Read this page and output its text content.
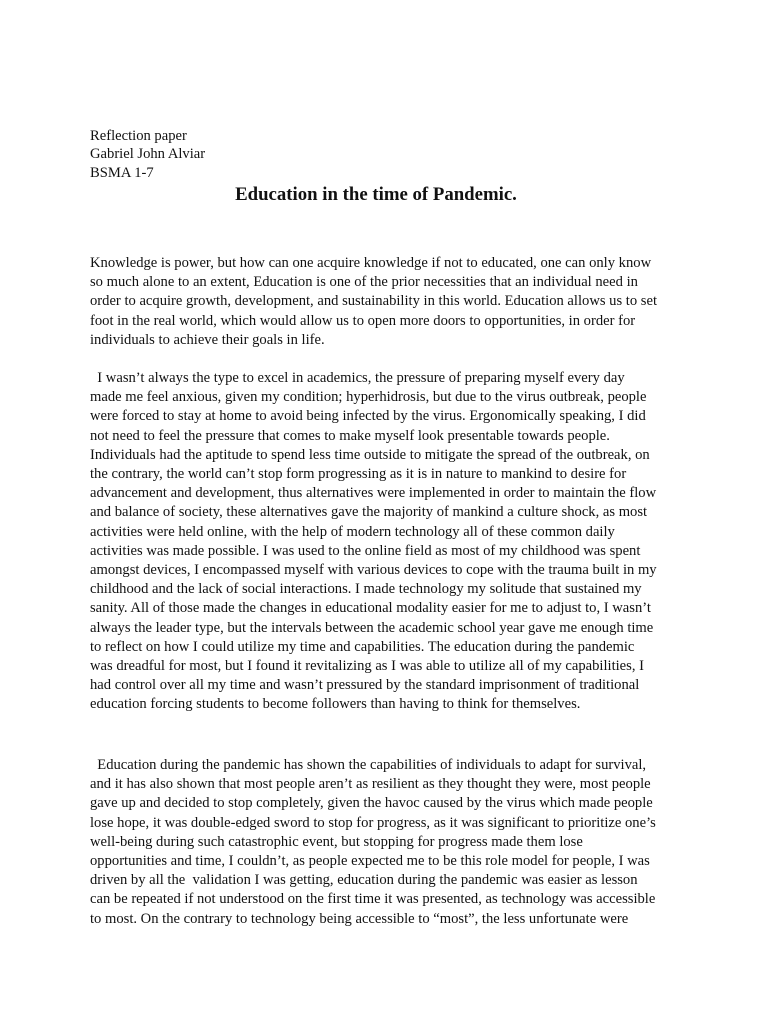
Reflection paper
Gabriel John Alviar
BSMA 1-7
Education in the time of Pandemic.

Knowledge is power, but how can one acquire knowledge if not to educated, one can only know
so much alone to an extent, Education is one of the prior necessities that an individual need in
order to acquire growth, development, and sustainability in this world. Education allows us to set
foot in the real world, which would allow us to open more doors to opportunities, in order for
individuals to achieve their goals in life.

I wasn’t always the type to excel in academics, the pressure of preparing myself every day
made me feel anxious, given my condition; hyperhidrosis, but due to the virus outbreak, people
were forced to stay at home to avoid being infected by the virus. Ergonomically speaking, I did
not need to feel the pressure that comes to make myself look presentable towards people.
Individuals had the aptitude to spend less time outside to mitigate the spread of the outbreak, on
the contrary, the world can’t stop form progressing as it is in nature to mankind to desire for
advancement and development, thus alternatives were implemented in order to maintain the flow
and balance of society, these alternatives gave the majority of mankind a culture shock, as most
activities were held online, with the help of modern technology all of these common daily
activities was made possible. I was used to the online field as most of my childhood was spent
amongst devices, I encompassed myself with various devices to cope with the trauma built in my
childhood and the lack of social interactions. I made technology my solitude that sustained my
sanity. All of those made the changes in educational modality easier for me to adjust to, I wasn’t
always the leader type, but the intervals between the academic school year gave me enough time
to reflect on how I could utilize my time and capabilities. The education during the pandemic
was dreadful for most, but I found it revitalizing as I was able to utilize all of my capabilities, I
had control over all my time and wasn’t pressured by the standard imprisonment of traditional
education forcing students to become followers than having to think for themselves.

Education during the pandemic has shown the capabilities of individuals to adapt for survival,
and it has also shown that most people aren’t as resilient as they thought they were, most people
gave up and decided to stop completely, given the havoc caused by the virus which made people
lose hope, it was double-edged sword to stop for progress, as it was significant to prioritize one’s
well-being during such catastrophic event, but stopping for progress made them lose
opportunities and time, I couldn’t, as people expected me to be this role model for people, I was
driven by all the  validation I was getting, education during the pandemic was easier as lesson
can be repeated if not understood on the first time it was presented, as technology was accessible
to most. On the contrary to technology being accessible to “most”, the less unfortunate were
